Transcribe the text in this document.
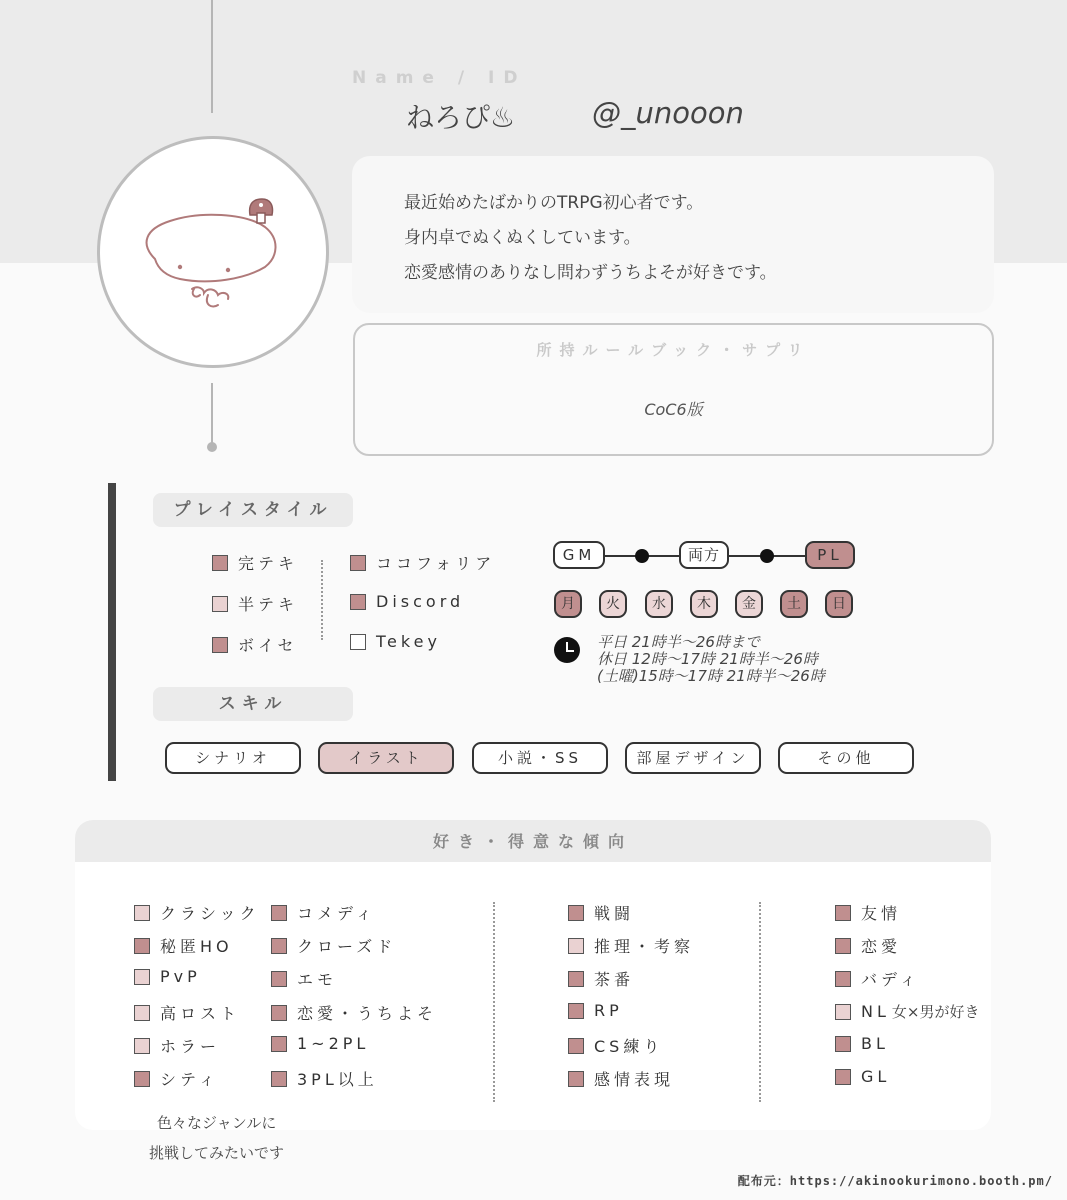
Name / ID
ねろぴ♨	@_unooon

最近始めたばかりのTRPG初心者です。

身内卓でぬくぬくしています。

恋愛感情のありなし問わずうちよそが好きです。

所持ルールブック・サプリ
CoC6版
プレイスタイル
完テキ
半テキ
ボイセ
ココフォリア
Discord
Tekey
GM	両方	PL
月	火	水	木	金	土	日
平日 21時半〜26時まで
休日 12時〜17時 21時半〜26時
(土曜)15時〜17時 21時半〜26時
スキル
シナリオ	イラスト	小説・SS	部屋デザイン	その他
好き・得意な傾向
クラシック
秘匿HO
PvP
高ロスト
ホラー
シティ
コメディ
クローズド
エモ
恋愛・うちよそ
1~2PL
3PL以上
戦闘
推理・考察
茶番
RP
CS練り
感情表現
友情
恋愛
バディ
NL 女×男が好き
BL
GL
色々なジャンルに
挑戦してみたいです
配布元：https://akinookurimono.booth.pm/
